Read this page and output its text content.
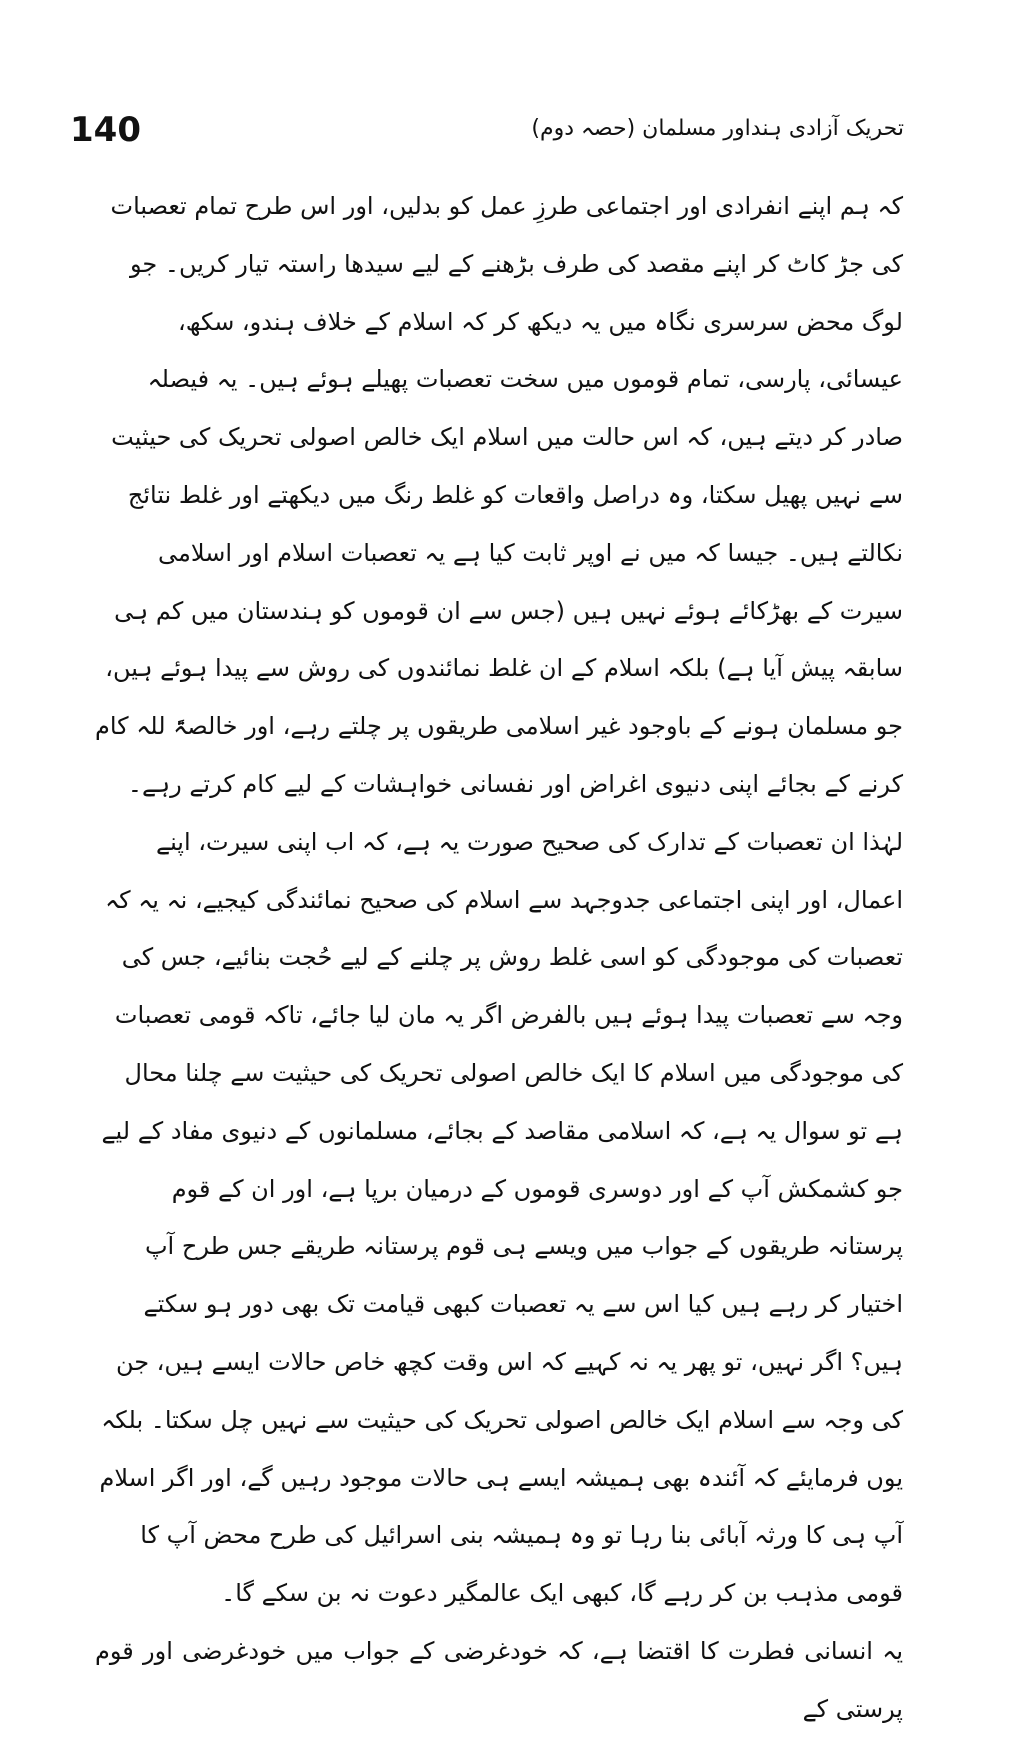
140	تحریک آزادی ہنداور مسلمان (حصہ دوم)

کہ ہم اپنے انفرادی اور اجتماعی طرزِ عمل کو بدلیں، اور اس طرح تمام تعصبات کی جڑ کاٹ کر اپنے مقصد کی طرف بڑھنے کے لیے سیدھا راستہ تیار کریں۔ جو لوگ محض سرسری نگاہ میں یہ دیکھ کر کہ اسلام کے خلاف ہندو، سکھ، عیسائی، پارسی، تمام قوموں میں سخت تعصبات پھیلے ہوئے ہیں۔ یہ فیصلہ صادر کر دیتے ہیں، کہ اس حالت میں اسلام ایک خالص اصولی تحریک کی حیثیت سے نہیں پھیل سکتا، وہ دراصل واقعات کو غلط رنگ میں دیکھتے اور غلط نتائج نکالتے ہیں۔ جیسا کہ میں نے اوپر ثابت کیا ہے یہ تعصبات اسلام اور اسلامی سیرت کے بھڑکائے ہوئے نہیں ہیں (جس سے ان قوموں کو ہندستان میں کم ہی سابقہ پیش آیا ہے) بلکہ اسلام کے ان غلط نمائندوں کی روش سے پیدا ہوئے ہیں، جو مسلمان ہونے کے باوجود غیر اسلامی طریقوں پر چلتے رہے، اور خالصۃً للہ کام کرنے کے بجائے اپنی دنیوی اغراض اور نفسانی خواہشات کے لیے کام کرتے رہے۔ لہٰذا ان تعصبات کے تدارک کی صحیح صورت یہ ہے، کہ اب اپنی سیرت، اپنے اعمال، اور اپنی اجتماعی جدوجہد سے اسلام کی صحیح نمائندگی کیجیے، نہ یہ کہ تعصبات کی موجودگی کو اسی غلط روش پر چلنے کے لیے حُجت بنائیے، جس کی وجہ سے تعصبات پیدا ہوئے ہیں بالفرض اگر یہ مان لیا جائے، تاکہ قومی تعصبات کی موجودگی میں اسلام کا ایک خالص اصولی تحریک کی حیثیت سے چلنا محال ہے تو سوال یہ ہے، کہ اسلامی مقاصد کے بجائے، مسلمانوں کے دنیوی مفاد کے لیے جو کشمکش آپ کے اور دوسری قوموں کے درمیان برپا ہے، اور ان کے قوم پرستانہ طریقوں کے جواب میں ویسے ہی قوم پرستانہ طریقے جس طرح آپ اختیار کر رہے ہیں کیا اس سے یہ تعصبات کبھی قیامت تک بھی دور ہو سکتے ہیں؟ اگر نہیں، تو پھر یہ نہ کہیے کہ اس وقت کچھ خاص حالات ایسے ہیں، جن کی وجہ سے اسلام ایک خالص اصولی تحریک کی حیثیت سے نہیں چل سکتا۔ بلکہ یوں فرمایئے کہ آئندہ بھی ہمیشہ ایسے ہی حالات موجود رہیں گے، اور اگر اسلام آپ ہی کا ورثہ آبائی بنا رہا تو وہ ہمیشہ بنی اسرائیل کی طرح محض آپ کا قومی مذہب بن کر رہے گا، کبھی ایک عالمگیر دعوت نہ بن سکے گا۔

یہ انسانی فطرت کا اقتضا ہے، کہ خودغرضی کے جواب میں خودغرضی اور قوم پرستی کے
